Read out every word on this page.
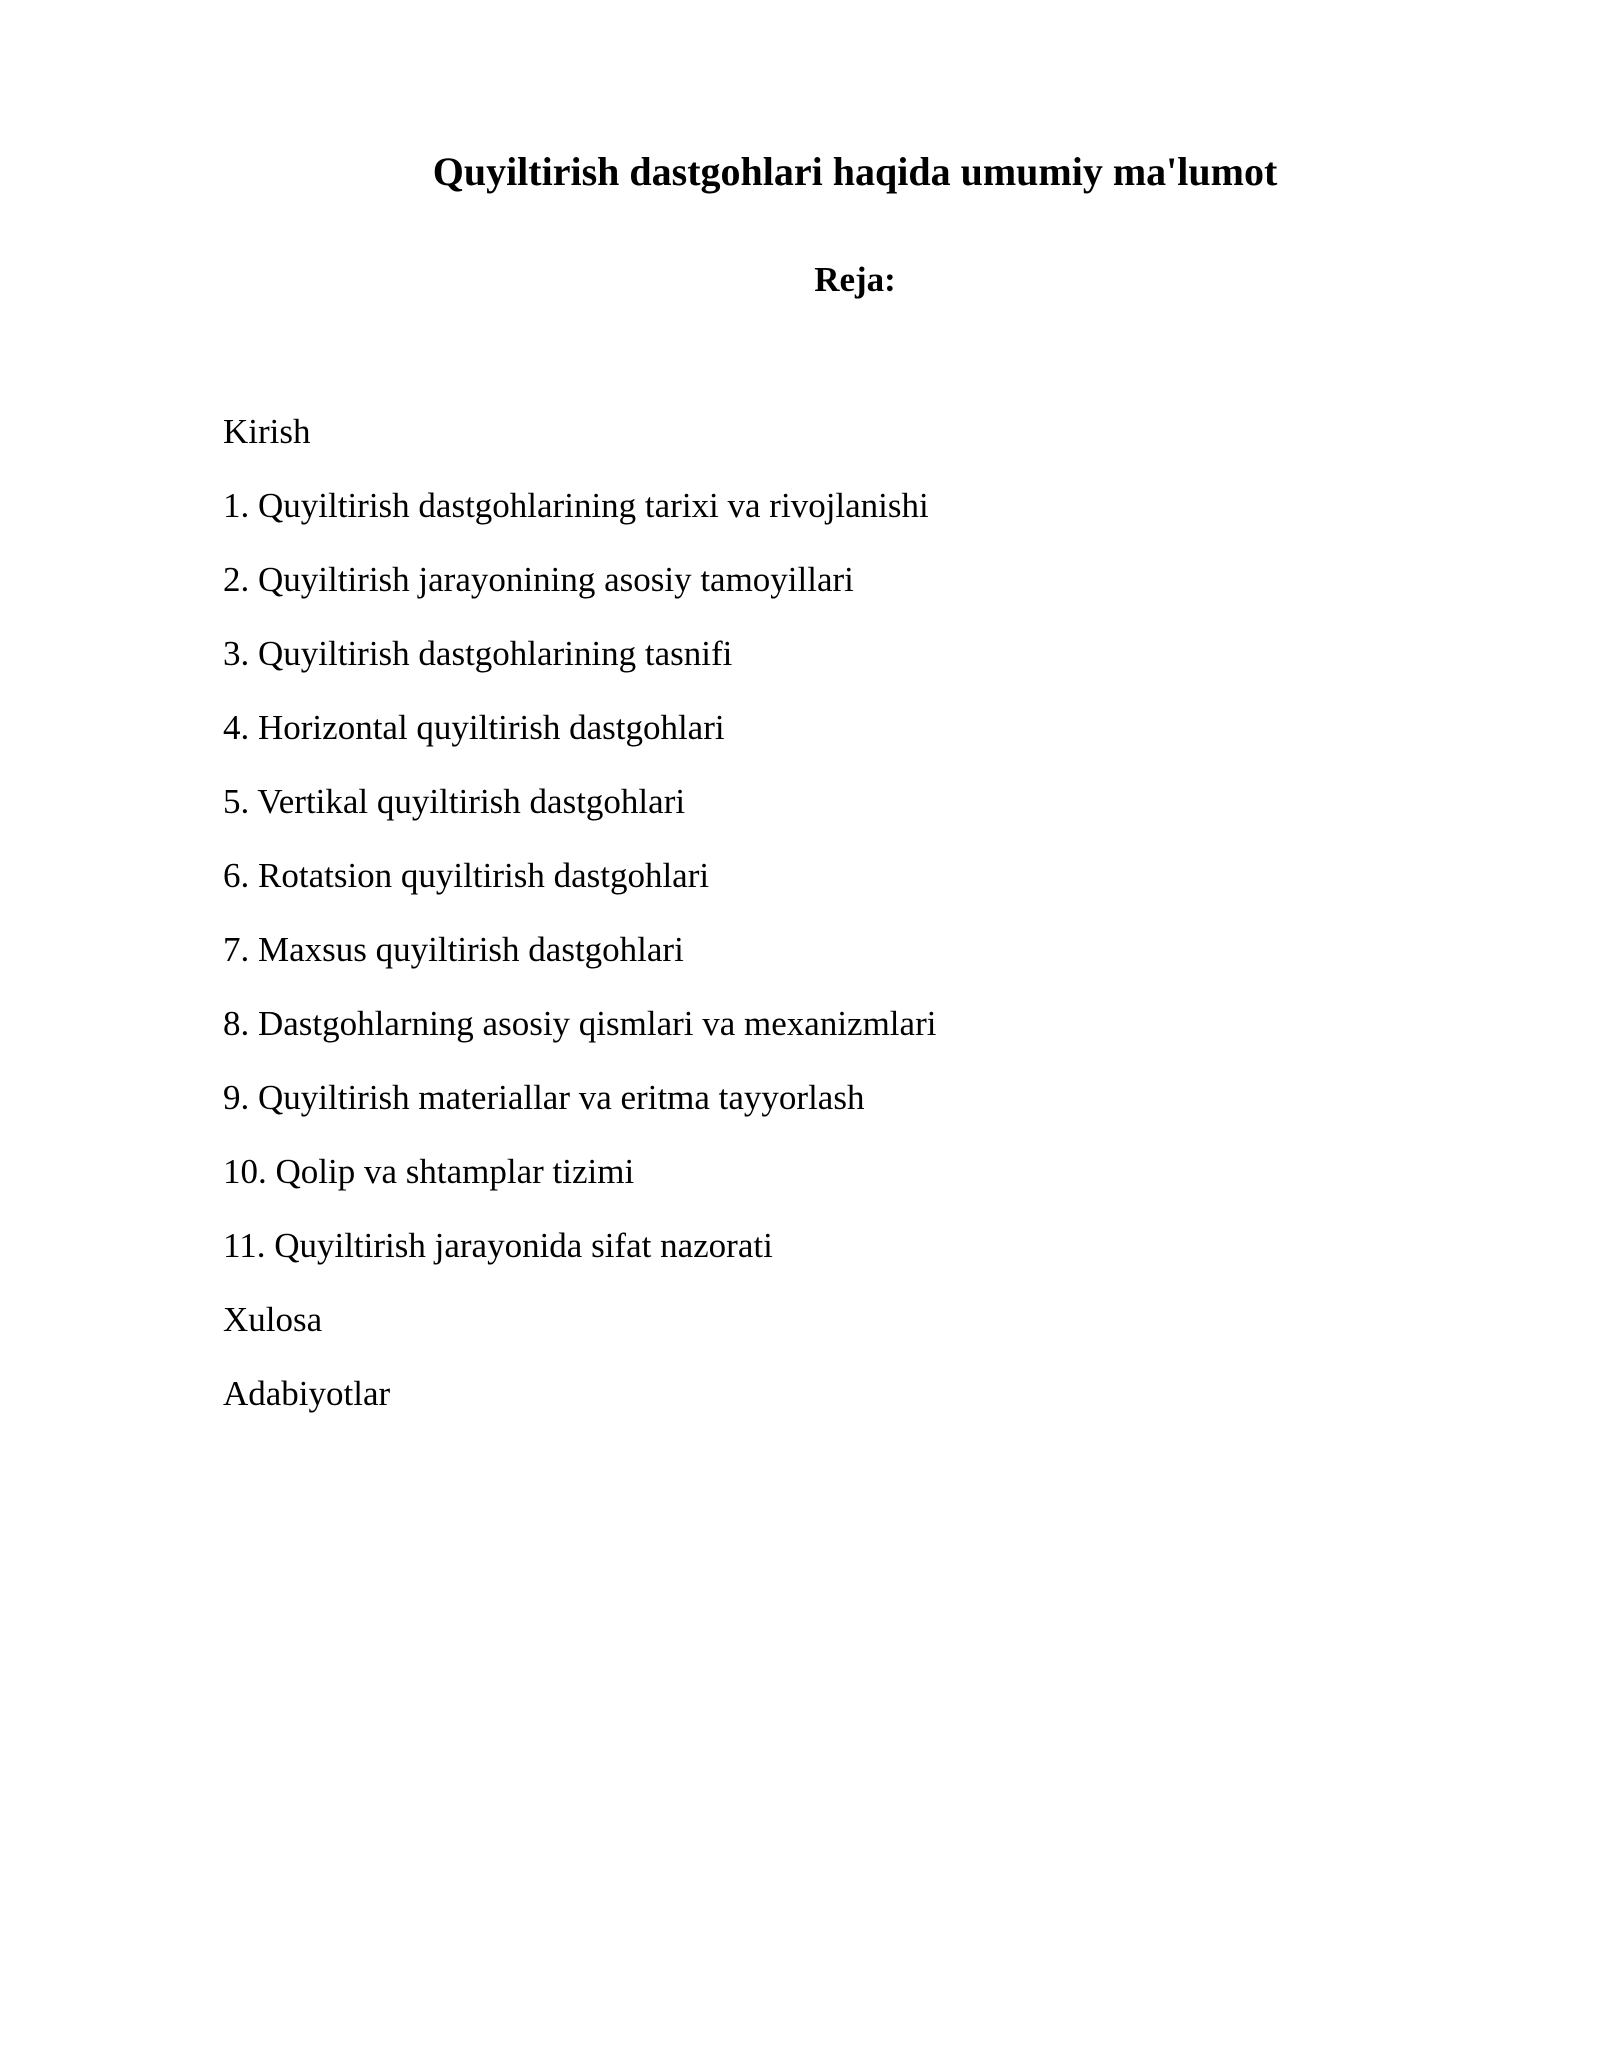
Quyiltirish dastgohlari haqida umumiy ma'lumot
Reja:
Kirish
1. Quyiltirish dastgohlarining tarixi va rivojlanishi
2. Quyiltirish jarayonining asosiy tamoyillari
3. Quyiltirish dastgohlarining tasnifi
4. Horizontal quyiltirish dastgohlari
5. Vertikal quyiltirish dastgohlari
6. Rotatsion quyiltirish dastgohlari
7. Maxsus quyiltirish dastgohlari
8. Dastgohlarning asosiy qismlari va mexanizmlari
9. Quyiltirish materiallar va eritma tayyorlash
10. Qolip va shtamplar tizimi
11. Quyiltirish jarayonida sifat nazorati
Xulosa
Adabiyotlar
